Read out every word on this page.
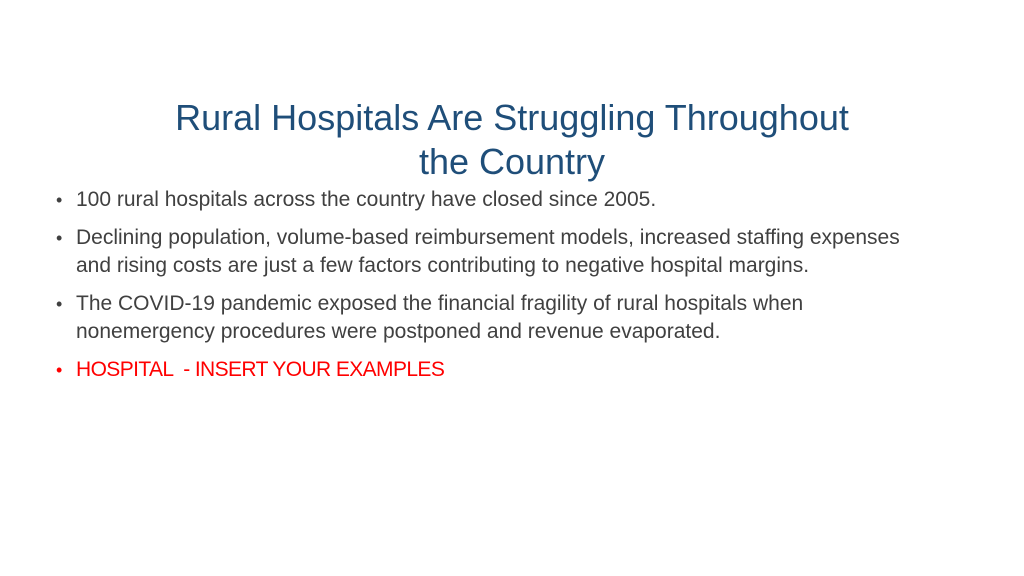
Rural Hospitals Are Struggling Throughout
the Country
• 100 rural hospitals across the country have closed since 2005.
• Declining population, volume-based reimbursement models, increased staffing expenses and rising costs are just a few factors contributing to negative hospital margins.
• The COVID-19 pandemic exposed the financial fragility of rural hospitals when nonemergency procedures were postponed and revenue evaporated.
• HOSPITAL  - INSERT YOUR EXAMPLES
